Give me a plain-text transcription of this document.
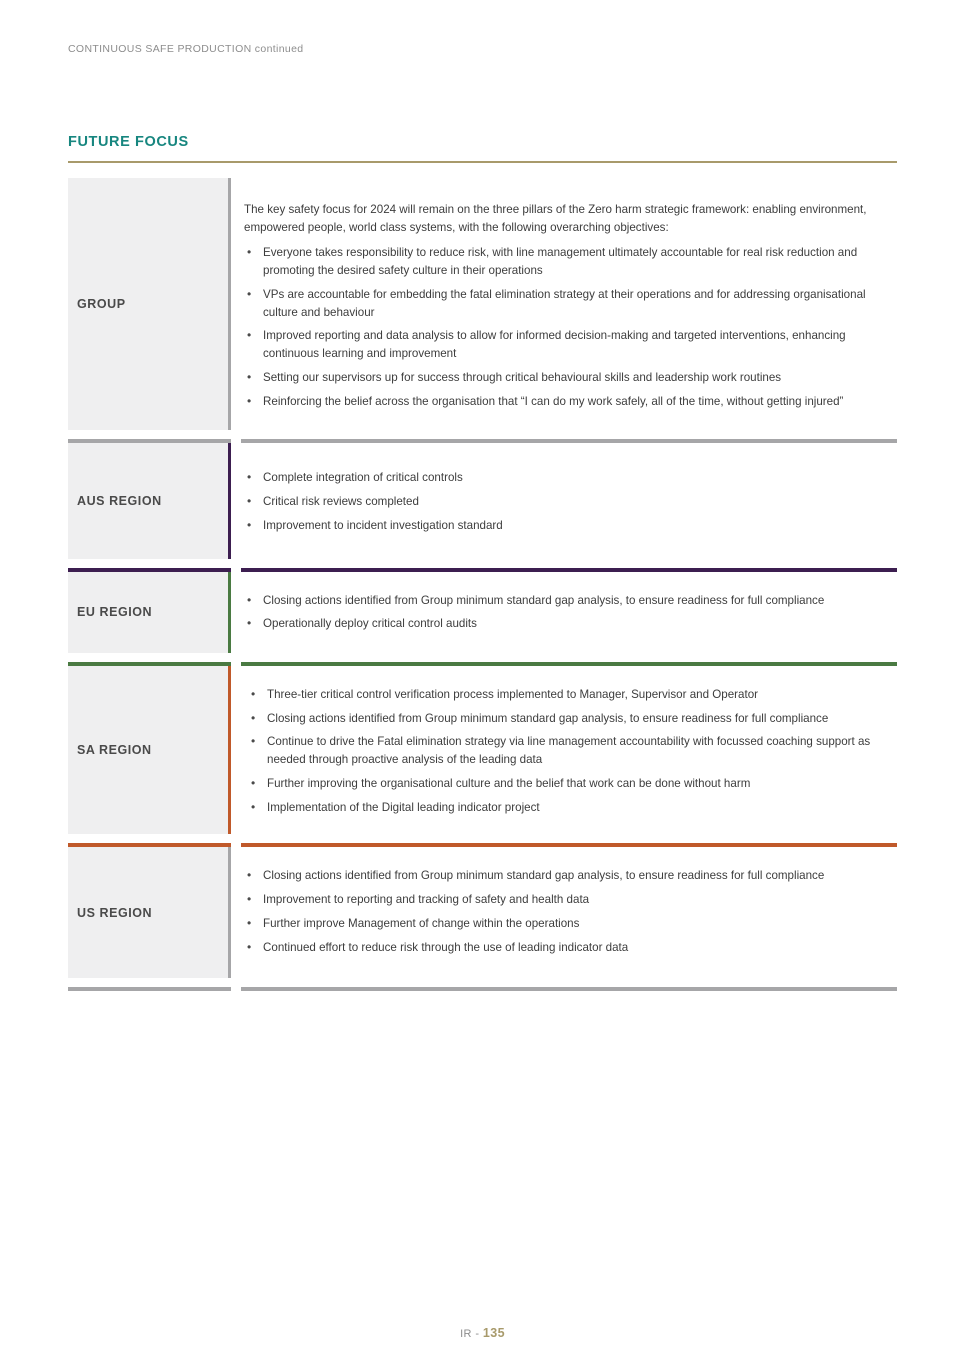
CONTINUOUS SAFE PRODUCTION continued
FUTURE FOCUS
GROUP

The key safety focus for 2024 will remain on the three pillars of the Zero harm strategic framework: enabling environment, empowered people, world class systems, with the following overarching objectives:

• Everyone takes responsibility to reduce risk, with line management ultimately accountable for real risk reduction and promoting the desired safety culture in their operations
• VPs are accountable for embedding the fatal elimination strategy at their operations and for addressing organisational culture and behaviour
• Improved reporting and data analysis to allow for informed decision-making and targeted interventions, enhancing continuous learning and improvement
• Setting our supervisors up for success through critical behavioural skills and leadership work routines
• Reinforcing the belief across the organisation that “I can do my work safely, all of the time, without getting injured”
AUS REGION
• Complete integration of critical controls
• Critical risk reviews completed
• Improvement to incident investigation standard
EU REGION
• Closing actions identified from Group minimum standard gap analysis, to ensure readiness for full compliance
• Operationally deploy critical control audits
SA REGION
• Three-tier critical control verification process implemented to Manager, Supervisor and Operator
• Closing actions identified from Group minimum standard gap analysis, to ensure readiness for full compliance
• Continue to drive the Fatal elimination strategy via line management accountability with focussed coaching support as needed through proactive analysis of the leading data
• Further improving the organisational culture and the belief that work can be done without harm
• Implementation of the Digital leading indicator project
US REGION
• Closing actions identified from Group minimum standard gap analysis, to ensure readiness for full compliance
• Improvement to reporting and tracking of safety and health data
• Further improve Management of change within the operations
• Continued effort to reduce risk through the use of leading indicator data
IR - 135
